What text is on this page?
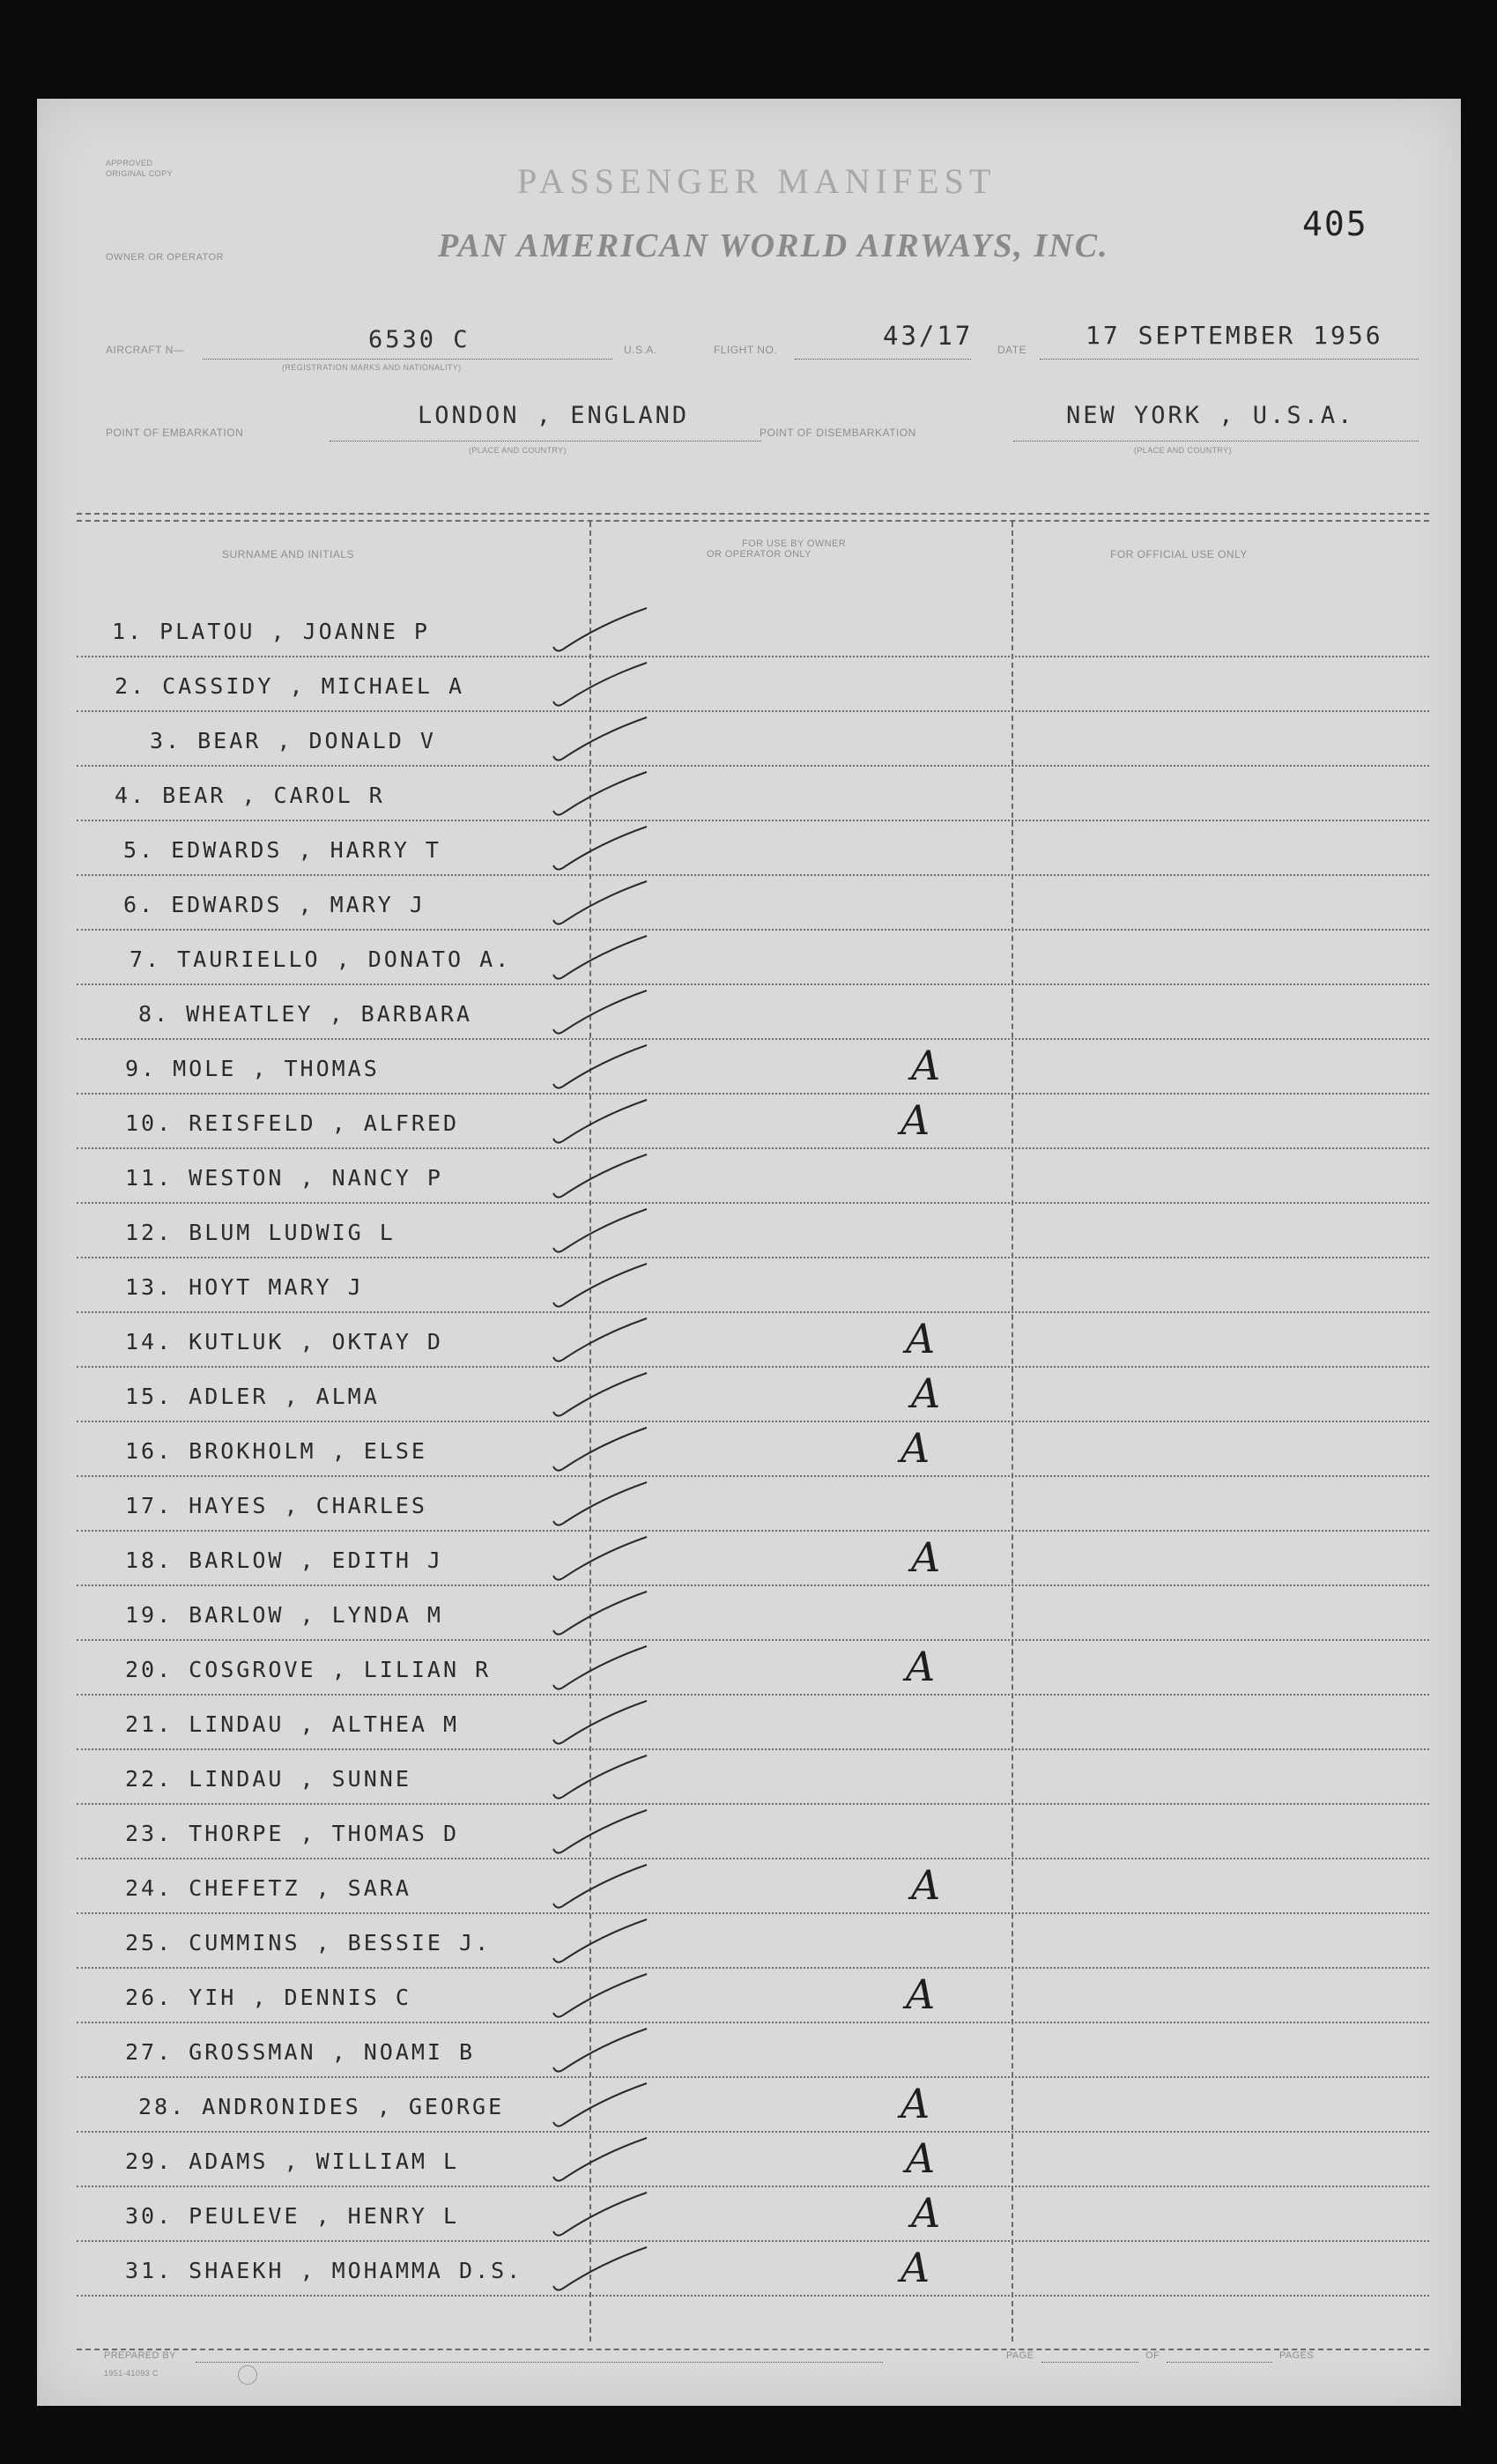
APPROVED
ORIGINAL COPY	PASSENGER MANIFEST
OWNER OR OPERATOR	PAN AMERICAN WORLD AIRWAYS, INC.
405
AIRCRAFT N—	6530 C
(REGISTRATION MARKS AND NATIONALITY)
U.S.A.	FLIGHT NO.	43/17 DATE 17 SEPTEMBER 1956
POINT OF EMBARKATION
LONDON , ENGLAND
(PLACE AND COUNTRY)
POINT OF DISEMBARKATION
NEW YORK , U.S.A.
(PLACE AND COUNTRY)
SURNAME AND INITIALS
FOR USE BY OWNER
OR OPERATOR ONLY	FOR OFFICIAL USE ONLY
1. PLATOU , JOANNE P
2. CASSIDY , MICHAEL A
3. BEAR , DONALD V
4. BEAR , CAROL R
5. EDWARDS , HARRY T
6. EDWARDS , MARY J
7. TAURIELLO , DONATO A.
8. WHEATLEY , BARBARA
9. MOLE , THOMAS	A
10. REISFELD , ALFRED	A
11. WESTON , NANCY P
12. BLUM LUDWIG L
13. HOYT MARY J
14. KUTLUK , OKTAY D	A
15. ADLER , ALMA	A
16. BROKHOLM , ELSE	A
17. HAYES , CHARLES
18. BARLOW , EDITH J	A
19. BARLOW , LYNDA M
20. COSGROVE , LILIAN R	A
21. LINDAU , ALTHEA M
22. LINDAU , SUNNE
23. THORPE , THOMAS D
24. CHEFETZ , SARA	A
25. CUMMINS , BESSIE J.
26. YIH , DENNIS C	A
27. GROSSMAN , NOAMI B
28. ANDRONIDES , GEORGE	A
29. ADAMS , WILLIAM L	A
30. PEULEVE , HENRY L	A
31. SHAEKH , MOHAMMA D.S.	A
PREPARED BY
1951-41093 C
PAGE	OF	PAGES
